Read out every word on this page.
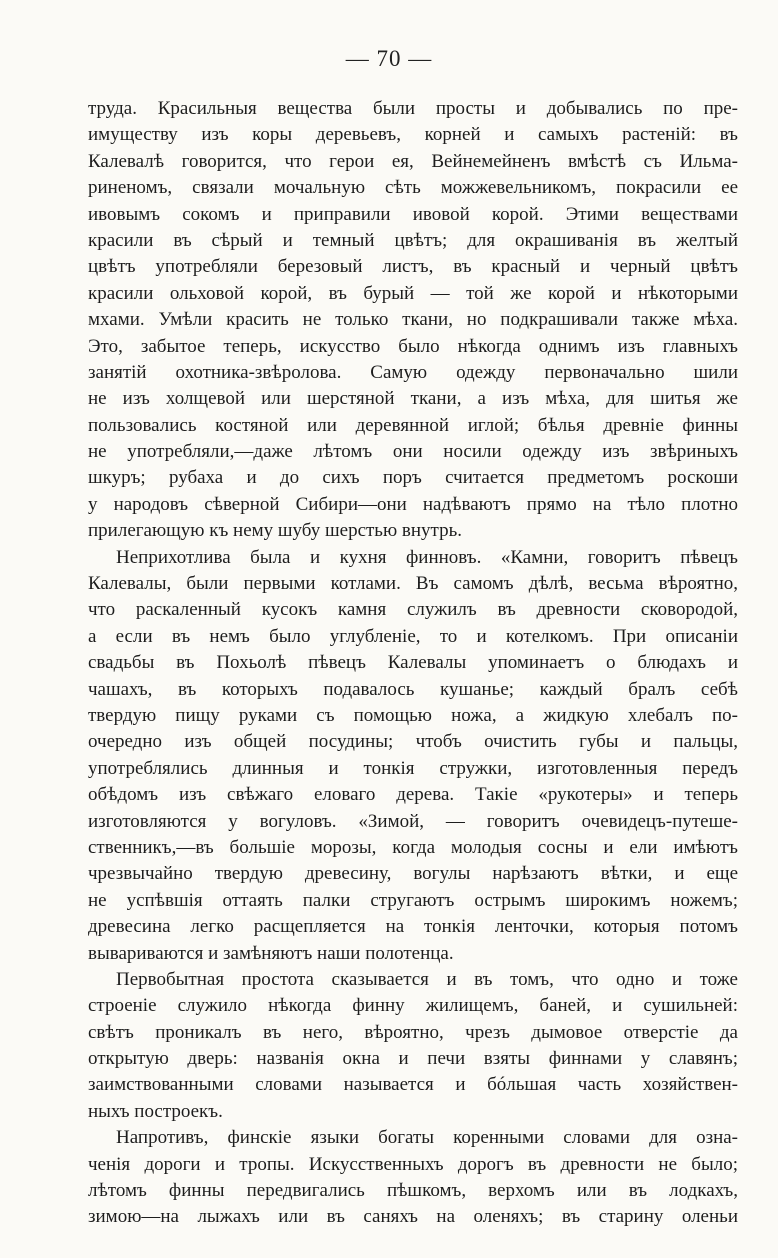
— 70 —
труда. Красильныя вещества были просты и добывались по пре-
имуществу изъ коры деревьевъ, корней и самыхъ растеній: въ
Калевалѣ говорится, что герои ея, Вейнемейненъ вмѣстѣ съ Ильма-
риненомъ, связали мочальную сѣть можжевельникомъ, покрасили ее
ивовымъ сокомъ и приправили ивовой корой. Этими веществами
красили въ сѣрый и темный цвѣтъ; для окрашиванія въ желтый
цвѣтъ употребляли березовый листъ, въ красный и черный цвѣтъ
красили ольховой корой, въ бурый — той же корой и нѣкоторыми
мхами. Умѣли красить не только ткани, но подкрашивали также мѣха.
Это, забытое теперь, искусство было нѣкогда однимъ изъ главныхъ
занятій охотника-звѣролова. Самую одежду первоначально шили
не изъ холщевой или шерстяной ткани, а изъ мѣха, для шитья же
пользовались костяной или деревянной иглой; бѣлья древніе финны
не употребляли,—даже лѣтомъ они носили одежду изъ звѣриныхъ
шкуръ; рубаха и до сихъ поръ считается предметомъ роскоши
у народовъ сѣверной Сибири—они надѣваютъ прямо на тѣло плотно
прилегающую къ нему шубу шерстью внутрь.
Неприхотлива была и кухня финновъ. «Камни, говоритъ пѣвецъ
Калевалы, были первыми котлами. Въ самомъ дѣлѣ, весьма вѣроятно,
что раскаленный кусокъ камня служилъ въ древности сковородой,
а если въ немъ было углубленіе, то и котелкомъ. При описаніи
свадьбы въ Похьолѣ пѣвецъ Калевалы упоминаетъ о блюдахъ и
чашахъ, въ которыхъ подавалось кушанье; каждый бралъ себѣ
твердую пищу руками съ помощью ножа, а жидкую хлебалъ по-
очередно изъ общей посудины; чтобъ очистить губы и пальцы,
употреблялись длинныя и тонкія стружки, изготовленныя передъ
обѣдомъ изъ свѣжаго еловаго дерева. Такіе «рукотеры» и теперь
изготовляются у вогуловъ. «Зимой, — говоритъ очевидецъ-путеше-
ственникъ,—въ большіе морозы, когда молодыя сосны и ели имѣютъ
чрезвычайно твердую древесину, вогулы нарѣзаютъ вѣтки, и еще
не успѣвшія оттаять палки стругаютъ острымъ широкимъ ножемъ;
древесина легко расщепляется на тонкія ленточки, которыя потомъ
вывариваются и замѣняютъ наши полотенца.
Первобытная простота сказывается и въ томъ, что одно и тоже
строеніе служило нѣкогда финну жилищемъ, баней, и сушильней:
свѣтъ проникалъ въ него, вѣроятно, чрезъ дымовое отверстіе да
открытую дверь: названія окна и печи взяты финнами у славянъ;
заимствованными словами называется и бóльшая часть хозяйствен-
ныхъ построекъ.
Напротивъ, финскіе языки богаты коренными словами для озна-
ченія дороги и тропы. Искусственныхъ дорогъ въ древности не было;
лѣтомъ финны передвигались пѣшкомъ, верхомъ или въ лодкахъ,
зимою—на лыжахъ или въ саняхъ на оленяхъ; въ старину оленьи
